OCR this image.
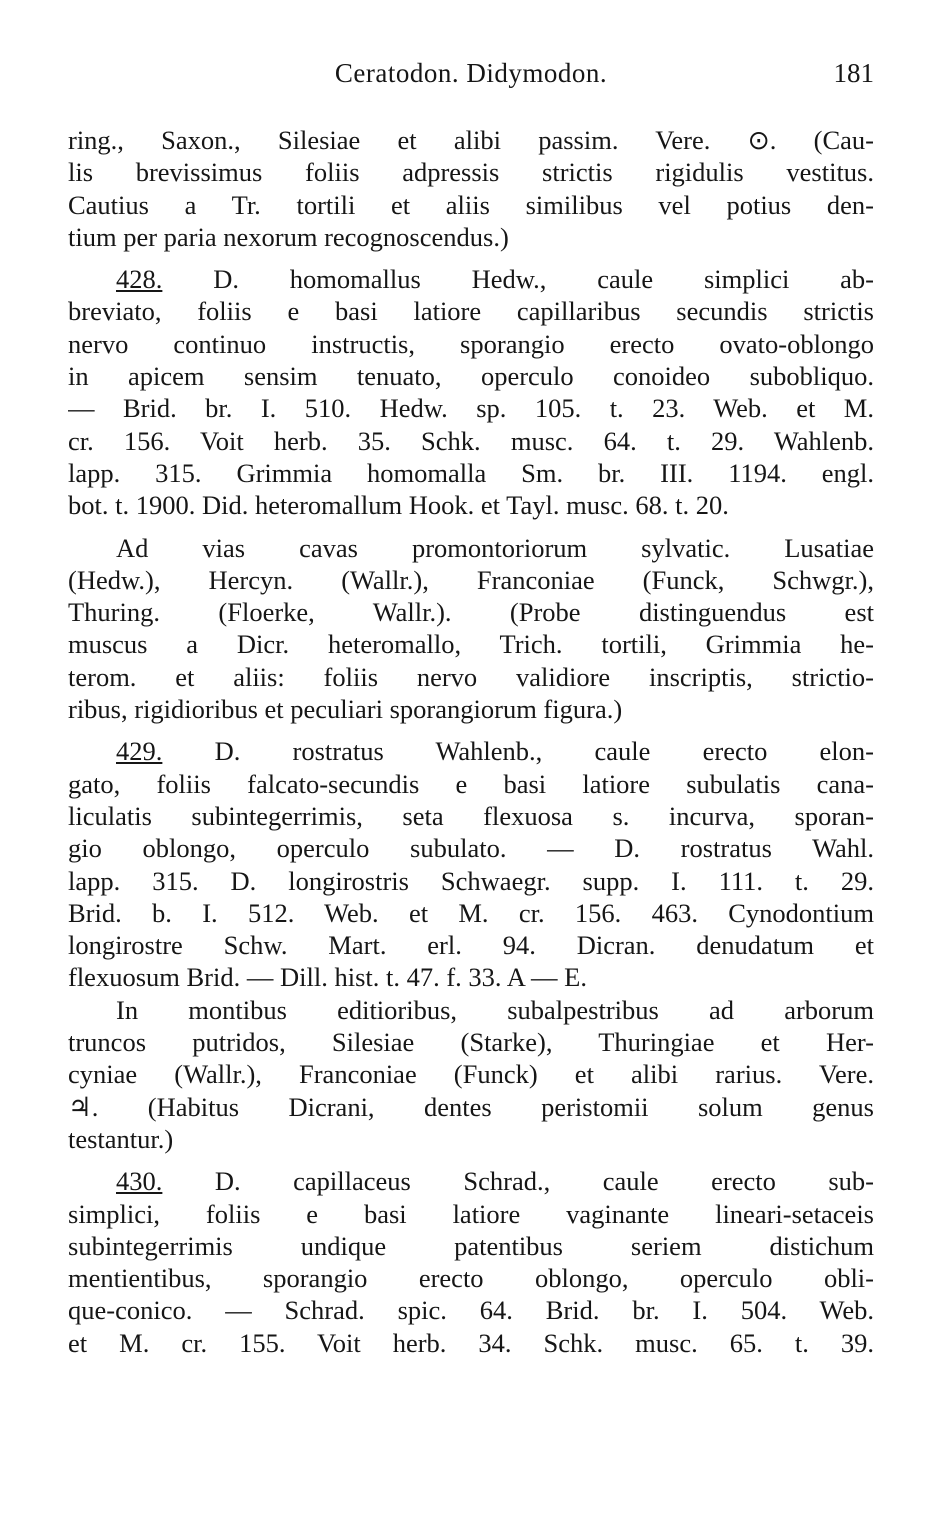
Ceratodon. Didymodon.	181
ring., Saxon., Silesiae et alibi passim. Vere. ⊙. (Cau-
lis brevissimus foliis adpressis strictis rigidulis vestitus.
Cautius a Tr. tortili et aliis similibus vel potius den-
tium per paria nexorum recognoscendus.)
428. D. homomallus Hedw., caule simplici ab-
breviato, foliis e basi latiore capillaribus secundis strictis
nervo continuo instructis, sporangio erecto ovato-oblongo
in apicem sensim tenuato, operculo conoideo subobliquo.
— Brid. br. I. 510. Hedw. sp. 105. t. 23. Web. et M.
cr. 156. Voit herb. 35. Schk. musc. 64. t. 29. Wahlenb.
lapp. 315. Grimmia homomalla Sm. br. III. 1194. engl.
bot. t. 1900. Did. heteromallum Hook. et Tayl. musc. 68. t. 20.
Ad vias cavas promontoriorum sylvatic. Lusatiae
(Hedw.), Hercyn. (Wallr.), Franconiae (Funck, Schwgr.),
Thuring. (Floerke, Wallr.). (Probe distinguendus est
muscus a Dicr. heteromallo, Trich. tortili, Grimmia he-
terom. et aliis: foliis nervo validiore inscriptis, strictio-
ribus, rigidioribus et peculiari sporangiorum figura.)
429. D. rostratus Wahlenb., caule erecto elon-
gato, foliis falcato-secundis e basi latiore subulatis cana-
liculatis subintegerrimis, seta flexuosa s. incurva, sporan-
gio oblongo, operculo subulato. — D. rostratus Wahl.
lapp. 315. D. longirostris Schwaegr. supp. I. 111. t. 29.
Brid. b. I. 512. Web. et M. cr. 156. 463. Cynodontium
longirostre Schw. Mart. erl. 94. Dicran. denudatum et
flexuosum Brid. — Dill. hist. t. 47. f. 33. A — E.
In montibus editioribus, subalpestribus ad arborum
truncos putridos, Silesiae (Starke), Thuringiae et Her-
cyniae (Wallr.), Franconiae (Funck) et alibi rarius. Vere.
♃. (Habitus Dicrani, dentes peristomii solum genus
testantur.)
430. D. capillaceus Schrad., caule erecto sub-
simplici, foliis e basi latiore vaginante lineari-setaceis
subintegerrimis undique patentibus seriem distichum
mentientibus, sporangio erecto oblongo, operculo obli-
que-conico. — Schrad. spic. 64. Brid. br. I. 504. Web.
et M. cr. 155. Voit herb. 34. Schk. musc. 65. t. 39.
